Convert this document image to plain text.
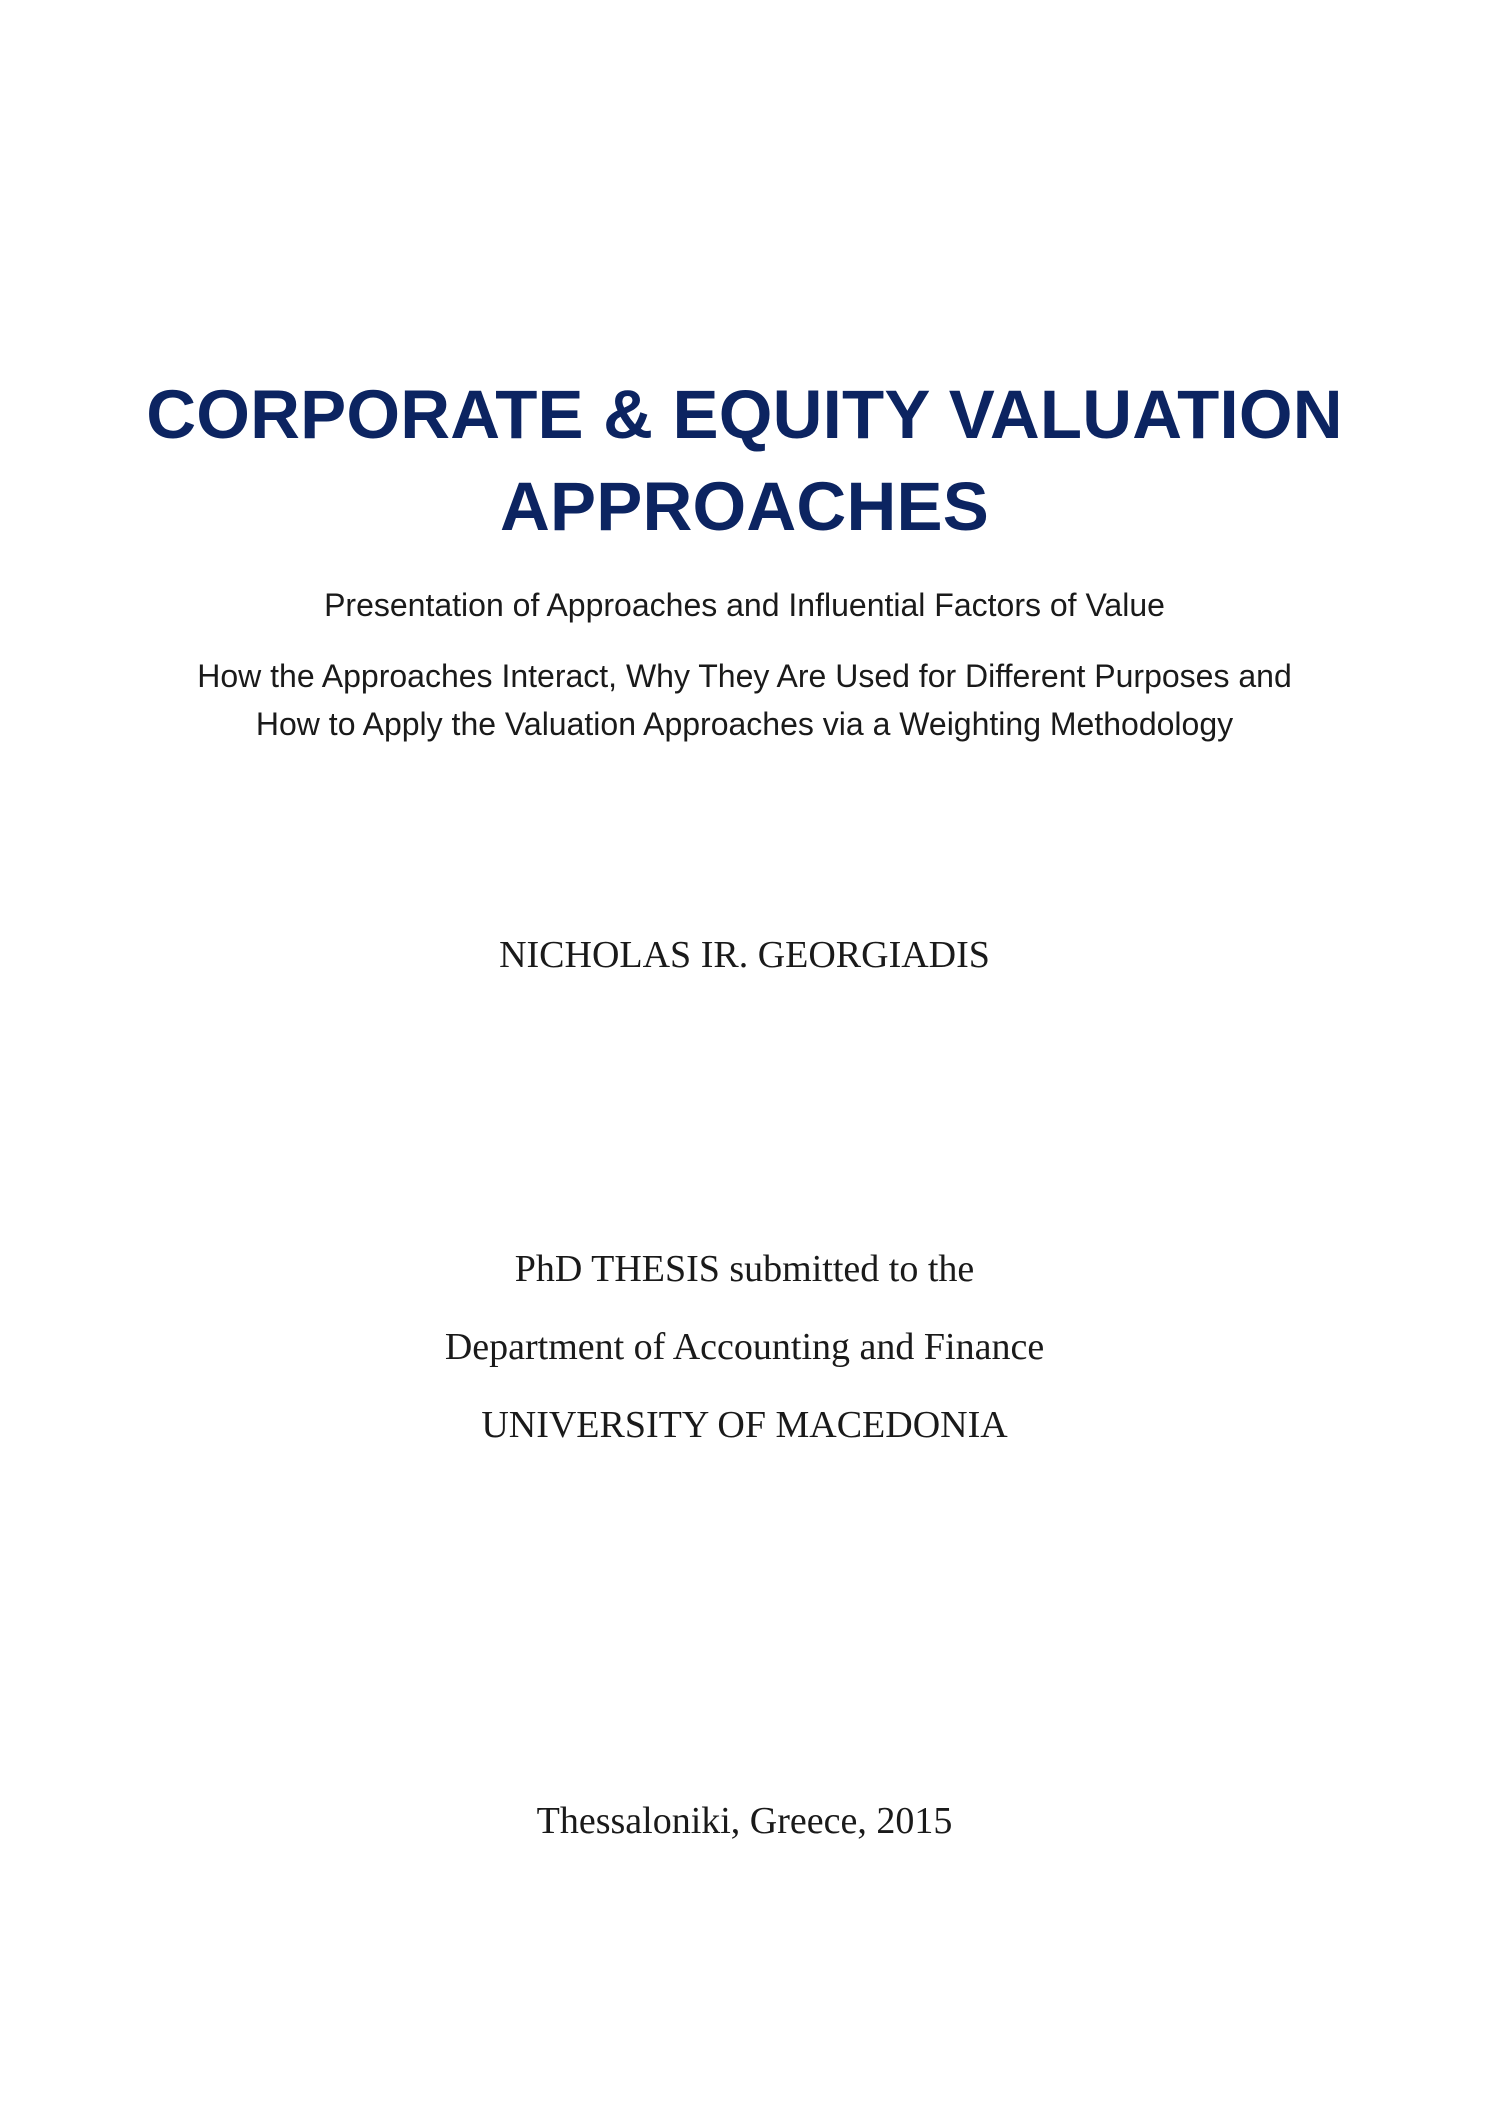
CORPORATE & EQUITY VALUATION
APPROACHES

Presentation of Approaches and Influential Factors of Value

How the Approaches Interact, Why They Are Used for Different Purposes and

How to Apply the Valuation Approaches via a Weighting Methodology

NICHOLAS IR. GEORGIADIS

PhD THESIS submitted to the

Department of Accounting and Finance

UNIVERSITY OF MACEDONIA

Thessaloniki, Greece, 2015
